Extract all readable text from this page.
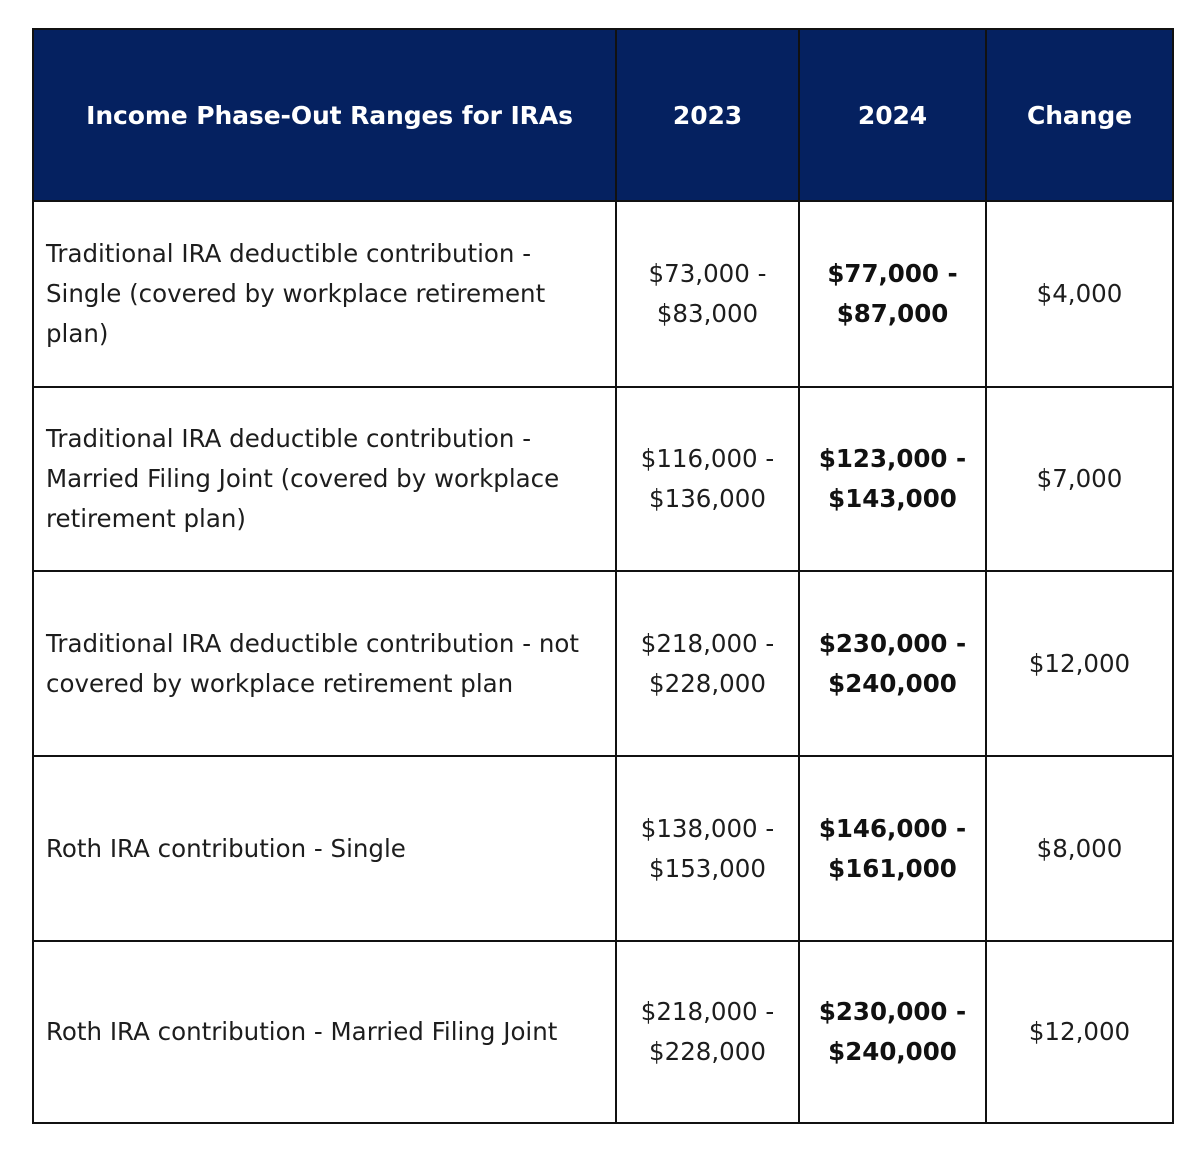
Income Phase-Out Ranges for IRAs	2023	2024	Change
Traditional IRA deductible contribution - Single (covered by workplace retirement plan)	$73,000 - $83,000	$77,000 - $87,000	$4,000
Traditional IRA deductible contribution - Married Filing Joint (covered by workplace retirement plan)	$116,000 - $136,000	$123,000 - $143,000	$7,000
Traditional IRA deductible contribution - not covered by workplace retirement plan	$218,000 - $228,000	$230,000 - $240,000	$12,000
Roth IRA contribution - Single	$138,000 - $153,000	$146,000 - $161,000	$8,000
Roth IRA contribution - Married Filing Joint	$218,000 - $228,000	$230,000 - $240,000	$12,000
